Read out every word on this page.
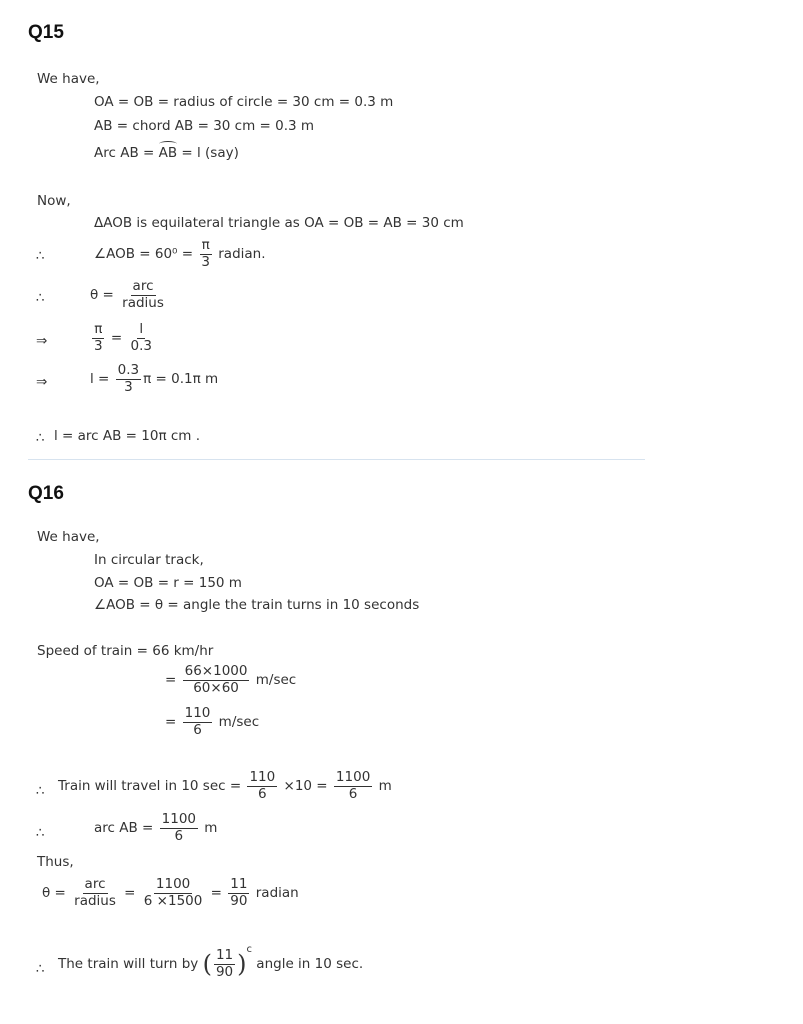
Q15
We have,
OA = OB = radius of circle = 30 cm = 0.3 m
AB = chord AB = 30 cm = 0.3 m
Arc AB =
AB = l (say)
Now,
ΔAOB is equilateral triangle as OA = OB = AB = 30 cm
∴	∠AOB = $60^0 = \frac{\pi}{3}$ radian.
∴	$\theta = \frac{\text{arc}}{\text{radius}}$
⇒	$\frac{\pi}{3} = \frac{l}{0.3}$
⇒	$l = \frac{0.3}{3}$ π = 0.1π m
∴ l = arc AB = 10π cm .
Q16
We have,
In circular track,
OA = OB = r = 150 m
∠AOB = θ = angle the train turns in 10 seconds
Speed of train = 66 km/hr
= $\frac{66\times 1000}{60\times 60} m/\sec$
= $\frac{110}{6} m/\sec$
∴ Train will travel in 10 $\sec = \frac{110}{6} \times 10 = \frac{1100}{6}$ m
∴	arc AB = $\frac{1100}{6}$ m
Thus,
$\theta = \frac{\text{arc}}{\text{radius}} = \frac{1100}{6 \times 1500} = \frac{11}{90}$ radian
∴ The train will turn by ( $\frac{11}{90} )^c$ angle in 10 sec.
